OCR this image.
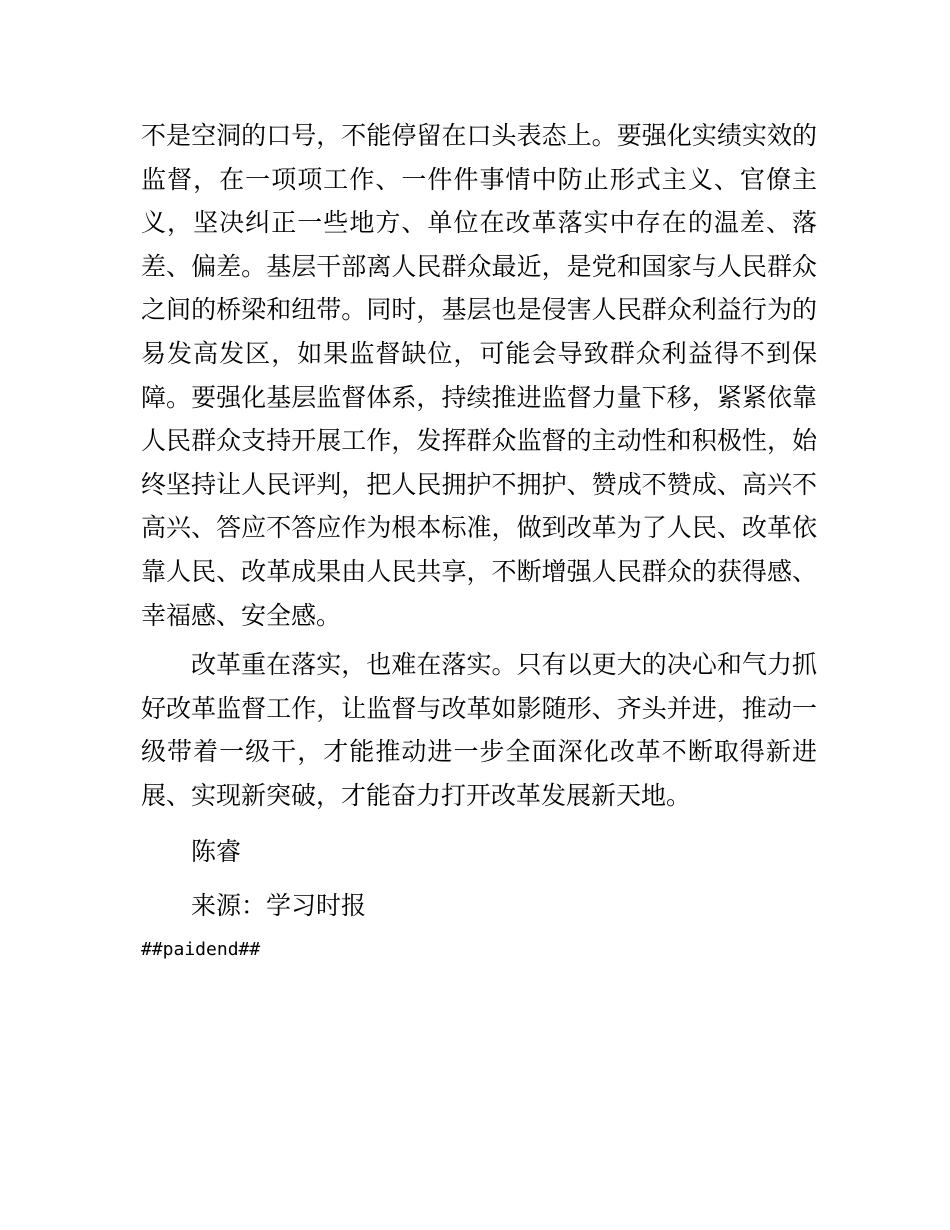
不是空洞的口号，不能停留在口头表态上。要强化实绩实效的监督，在一项项工作、一件件事情中防止形式主义、官僚主义，坚决纠正一些地方、单位在改革落实中存在的温差、落差、偏差。基层干部离人民群众最近，是党和国家与人民群众之间的桥梁和纽带。同时，基层也是侵害人民群众利益行为的易发高发区，如果监督缺位，可能会导致群众利益得不到保障。要强化基层监督体系，持续推进监督力量下移，紧紧依靠人民群众支持开展工作，发挥群众监督的主动性和积极性，始终坚持让人民评判，把人民拥护不拥护、赞成不赞成、高兴不高兴、答应不答应作为根本标准，做到改革为了人民、改革依靠人民、改革成果由人民共享，不断增强人民群众的获得感、幸福感、安全感。

改革重在落实，也难在落实。只有以更大的决心和气力抓好改革监督工作，让监督与改革如影随形、齐头并进，推动一级带着一级干，才能推动进一步全面深化改革不断取得新进展、实现新突破，才能奋力打开改革发展新天地。

陈睿

来源：学习时报

##paidend##
